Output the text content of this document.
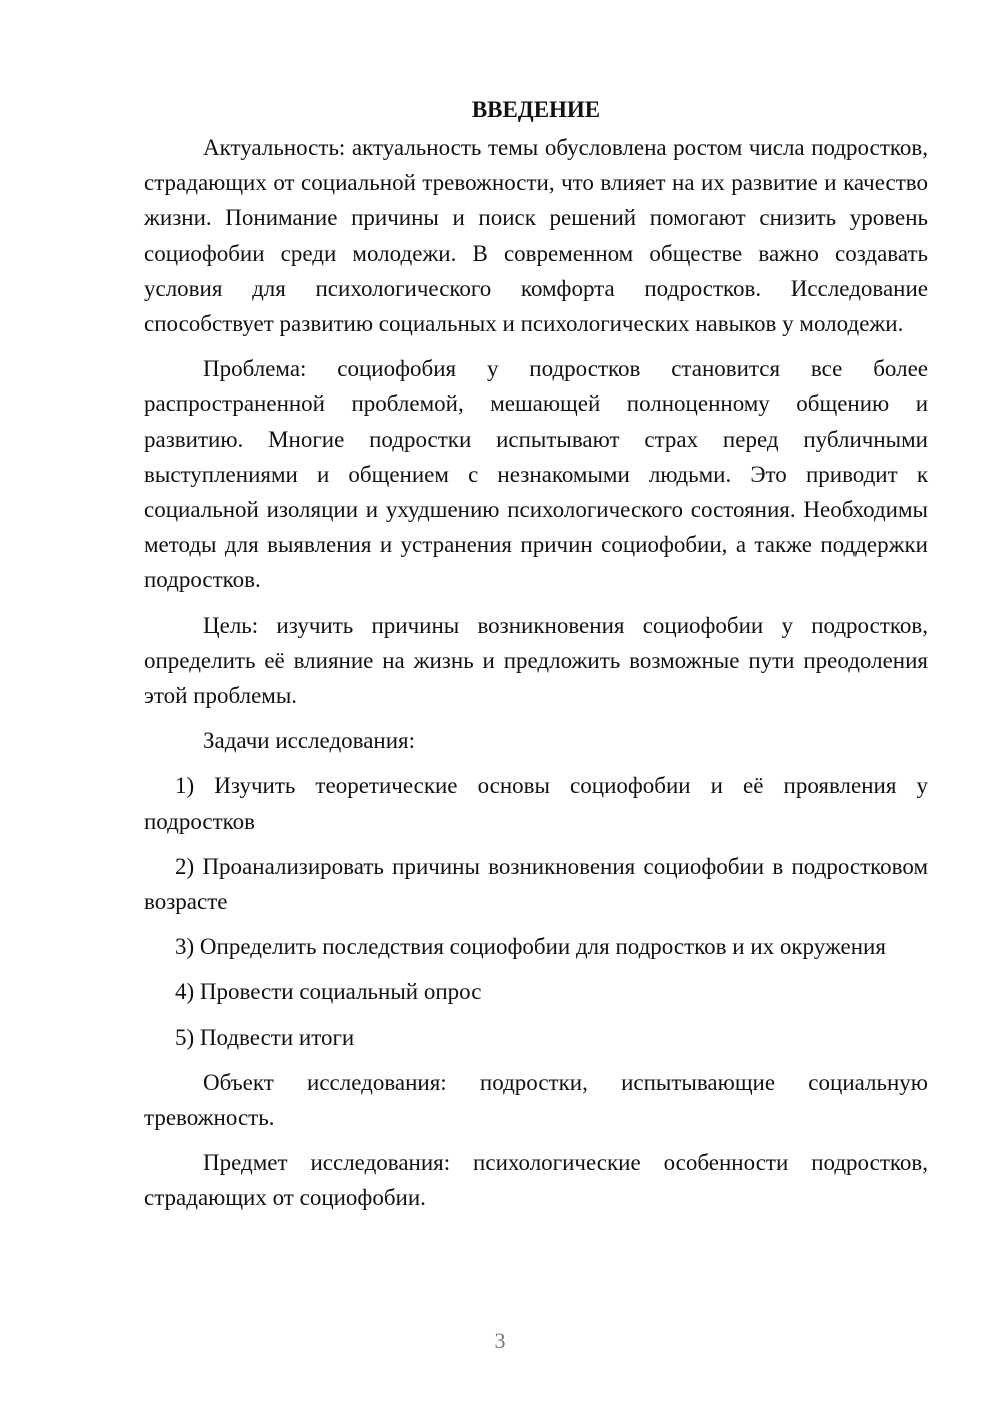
ВВЕДЕНИЕ

Актуальность: актуальность темы обусловлена ростом числа подростков, страдающих от социальной тревожности, что влияет на их развитие и качество жизни. Понимание причины и поиск решений помогают снизить уровень социофобии среди молодежи. В современном обществе важно создавать условия для психологического комфорта подростков. Исследование способствует развитию социальных и психологических навыков у молодежи.

Проблема: социофобия у подростков становится все более распространенной проблемой, мешающей полноценному общению и развитию. Многие подростки испытывают страх перед публичными выступлениями и общением с незнакомыми людьми. Это приводит к социальной изоляции и ухудшению психологического состояния. Необходимы методы для выявления и устранения причин социофобии, а также поддержки подростков.

Цель: изучить причины возникновения социофобии у подростков, определить её влияние на жизнь и предложить возможные пути преодоления этой проблемы.

Задачи исследования:

1) Изучить теоретические основы социофобии и её проявления у подростков

2) Проанализировать причины возникновения социофобии в подростковом возрасте

3) Определить последствия социофобии для подростков и их окружения

4) Провести социальный опрос

5) Подвести итоги

Объект исследования: подростки, испытывающие социальную тревожность.

Предмет исследования: психологические особенности подростков, страдающих от социофобии.

3
